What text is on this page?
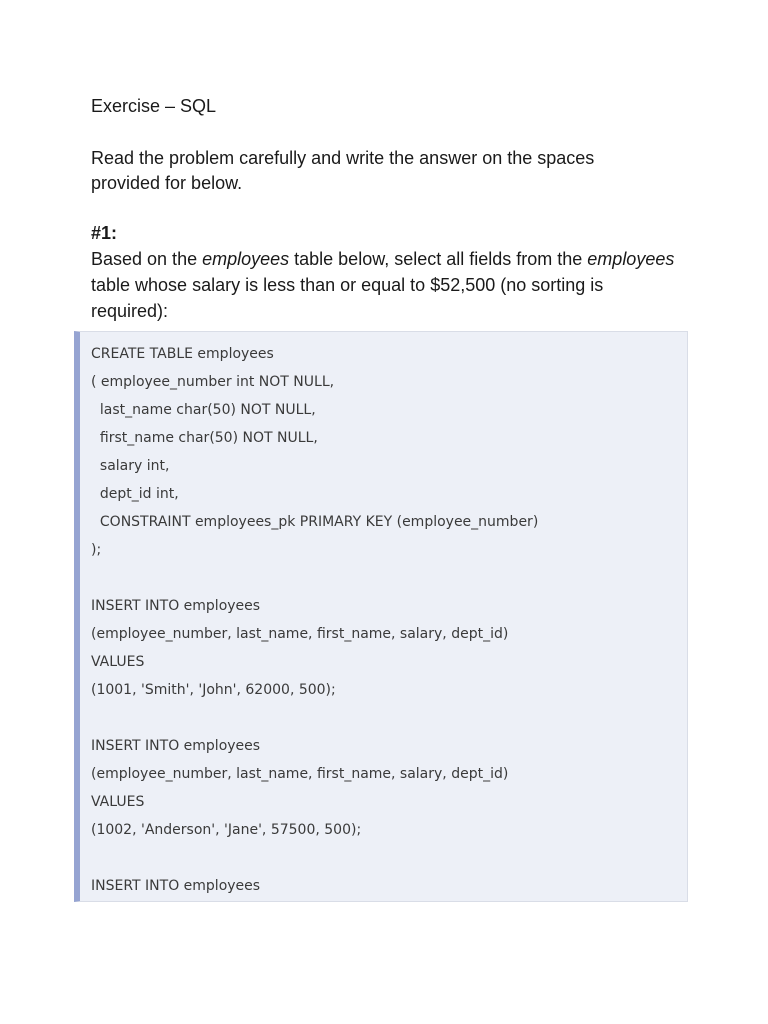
Exercise – SQL
Read the problem carefully and write the answer on the spaces provided for below.
#1:
Based on the employees table below, select all fields from the employees table whose salary is less than or equal to $52,500 (no sorting is required):
CREATE TABLE employees
( employee_number int NOT NULL,
last_name char(50) NOT NULL,
first_name char(50) NOT NULL,
salary int,
dept_id int,
CONSTRAINT employees_pk PRIMARY KEY (employee_number)
);
INSERT INTO employees
(employee_number, last_name, first_name, salary, dept_id)
VALUES
(1001, 'Smith', 'John', 62000, 500);
INSERT INTO employees
(employee_number, last_name, first_name, salary, dept_id)
VALUES
(1002, 'Anderson', 'Jane', 57500, 500);
INSERT INTO employees
